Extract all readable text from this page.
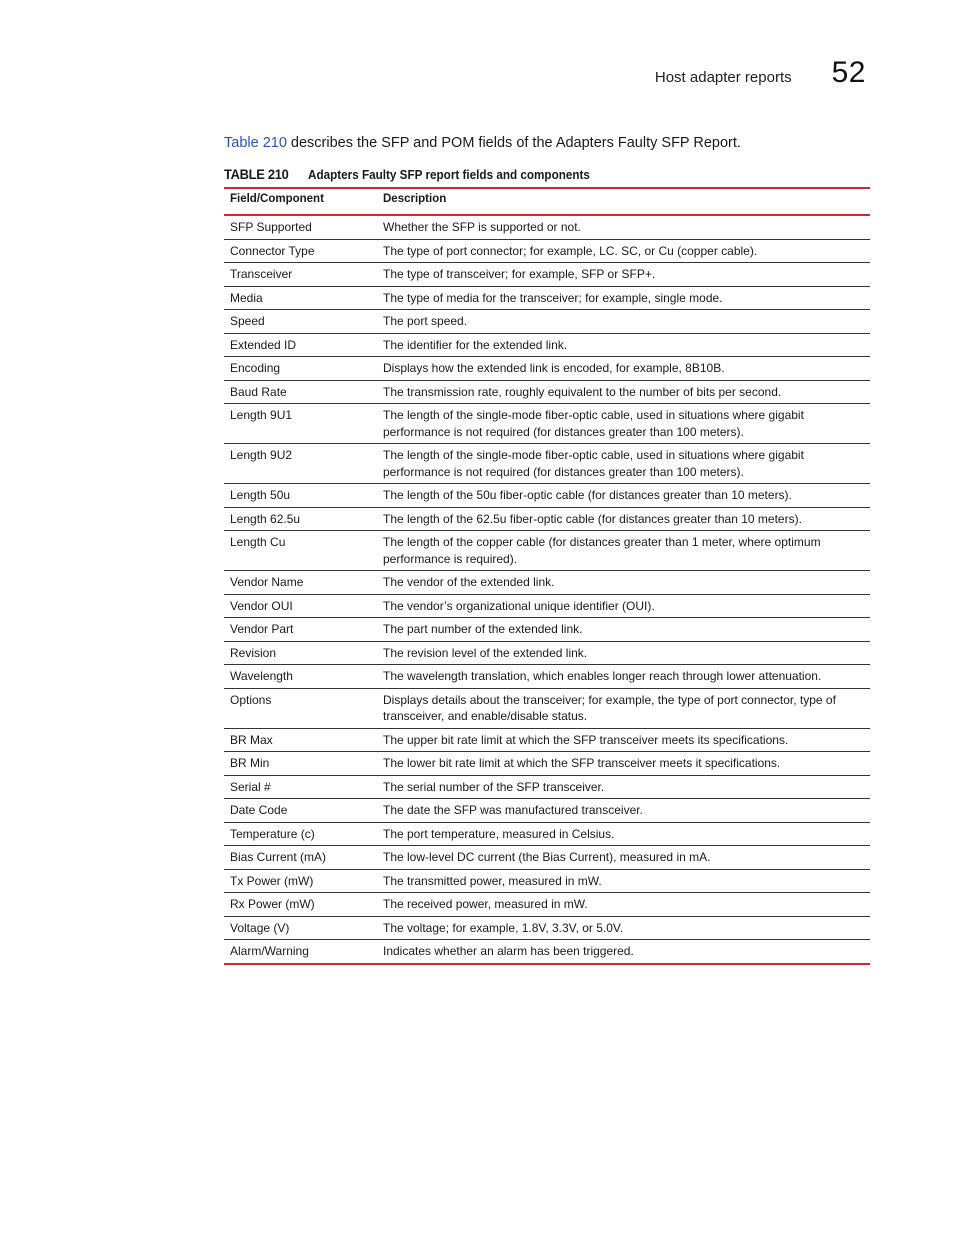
Host adapter reports 52

Table 210 describes the SFP and POM fields of the Adapters Faulty SFP Report.

TABLE 210	Adapters Faulty SFP report fields and components
Field/Component	Description
SFP Supported	Whether the SFP is supported or not.
Connector Type	The type of port connector; for example, LC. SC, or Cu (copper cable).
Transceiver	The type of transceiver; for example, SFP or SFP+.
Media	The type of media for the transceiver; for example, single mode.
Speed	The port speed.
Extended ID	The identifier for the extended link.
Encoding	Displays how the extended link is encoded, for example, 8B10B.
Baud Rate	The transmission rate, roughly equivalent to the number of bits per second.
Length 9U1	The length of the single-mode fiber-optic cable, used in situations where gigabit performance is not required (for distances greater than 100 meters).
Length 9U2	The length of the single-mode fiber-optic cable, used in situations where gigabit performance is not required (for distances greater than 100 meters).
Length 50u	The length of the 50u fiber-optic cable (for distances greater than 10 meters).
Length 62.5u	The length of the 62.5u fiber-optic cable (for distances greater than 10 meters).
Length Cu	The length of the copper cable (for distances greater than 1 meter, where optimum performance is required).
Vendor Name	The vendor of the extended link.
Vendor OUI	The vendor’s organizational unique identifier (OUI).
Vendor Part	The part number of the extended link.
Revision	The revision level of the extended link.
Wavelength	The wavelength translation, which enables longer reach through lower attenuation.
Options	Displays details about the transceiver; for example, the type of port connector, type of transceiver, and enable/disable status.
BR Max	The upper bit rate limit at which the SFP transceiver meets its specifications.
BR Min	The lower bit rate limit at which the SFP transceiver meets it specifications.
Serial #	The serial number of the SFP transceiver.
Date Code	The date the SFP was manufactured transceiver.
Temperature (c)	The port temperature, measured in Celsius.
Bias Current (mA)	The low-level DC current (the Bias Current), measured in mA.
Tx Power (mW)	The transmitted power, measured in mW.
Rx Power (mW)	The received power, measured in mW.
Voltage (V)	The voltage; for example, 1.8V, 3.3V, or 5.0V.
Alarm/Warning	Indicates whether an alarm has been triggered.
